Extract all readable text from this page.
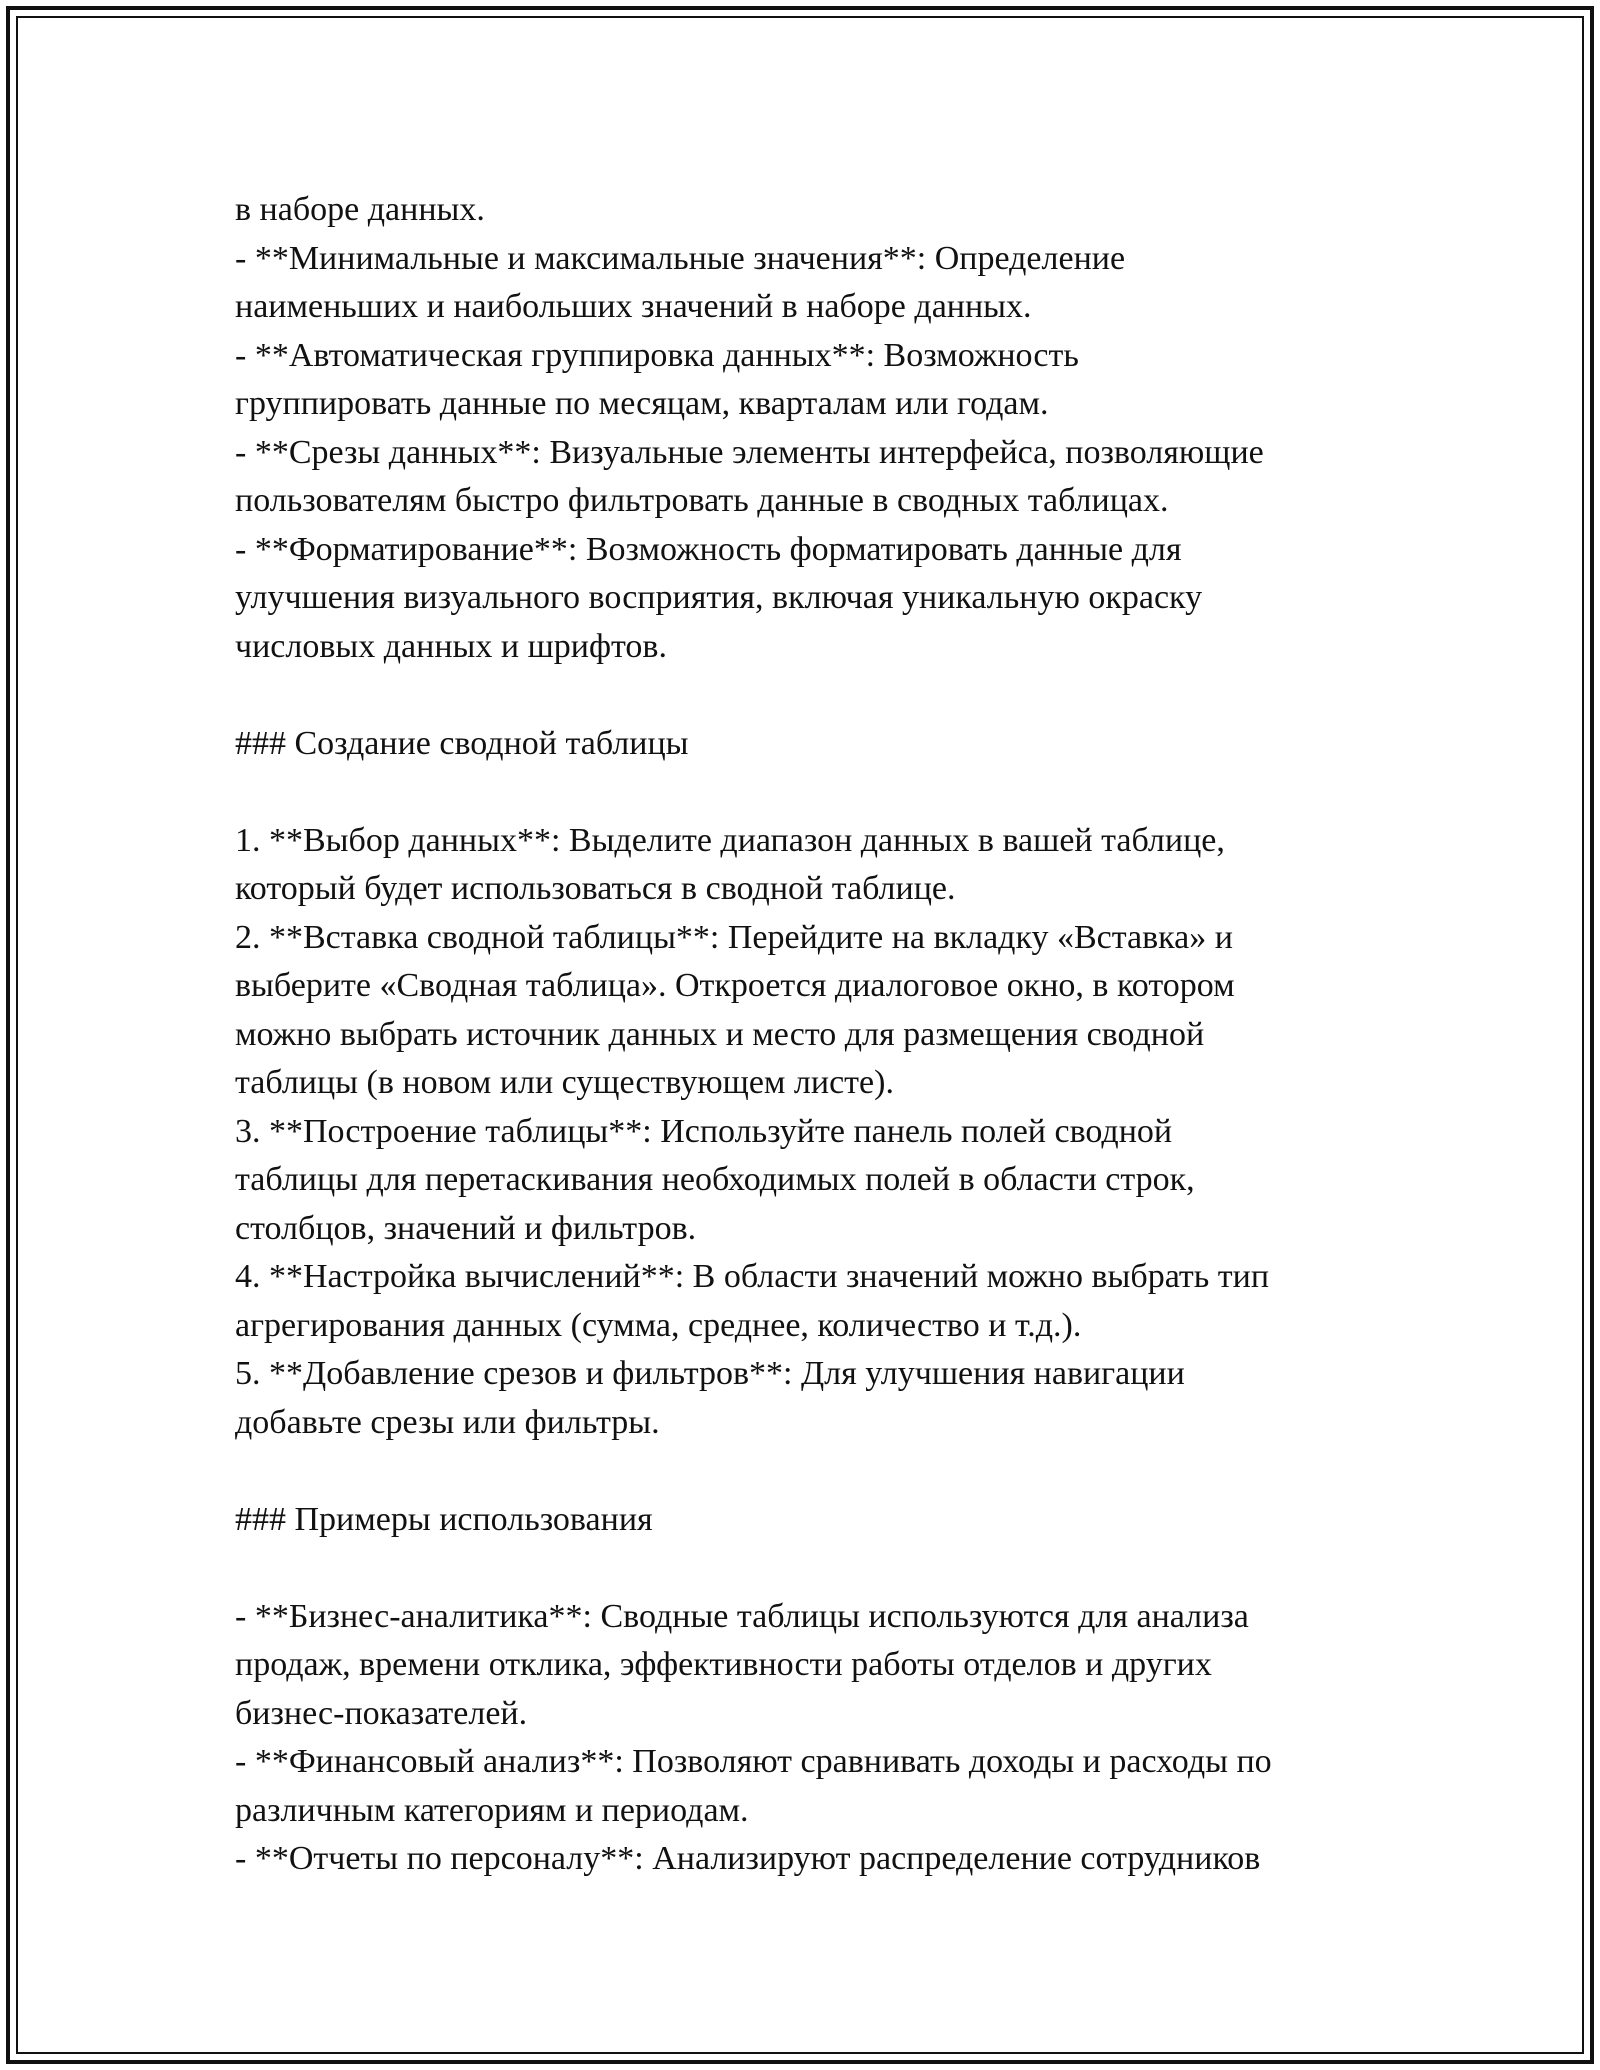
в наборе данных.
- **Минимальные и максимальные значения**: Определение
наименьших и наибольших значений в наборе данных.
- **Автоматическая группировка данных**: Возможность
группировать данные по месяцам, кварталам или годам.
- **Срезы данных**: Визуальные элементы интерфейса, позволяющие
пользователям быстро фильтровать данные в сводных таблицах.
- **Форматирование**: Возможность форматировать данные для
улучшения визуального восприятия, включая уникальную окраску
числовых данных и шрифтов.
### Создание сводной таблицы
1. **Выбор данных**: Выделите диапазон данных в вашей таблице,
который будет использоваться в сводной таблице.
2. **Вставка сводной таблицы**: Перейдите на вкладку «Вставка» и
выберите «Сводная таблица». Откроется диалоговое окно, в котором
можно выбрать источник данных и место для размещения сводной
таблицы (в новом или существующем листе).
3. **Построение таблицы**: Используйте панель полей сводной
таблицы для перетаскивания необходимых полей в области строк,
столбцов, значений и фильтров.
4. **Настройка вычислений**: В области значений можно выбрать тип
агрегирования данных (сумма, среднее, количество и т.д.).
5. **Добавление срезов и фильтров**: Для улучшения навигации
добавьте срезы или фильтры.
### Примеры использования
- **Бизнес-аналитика**: Сводные таблицы используются для анализа
продаж, времени отклика, эффективности работы отделов и других
бизнес-показателей.
- **Финансовый анализ**: Позволяют сравнивать доходы и расходы по
различным категориям и периодам.
- **Отчеты по персоналу**: Анализируют распределение сотрудников
